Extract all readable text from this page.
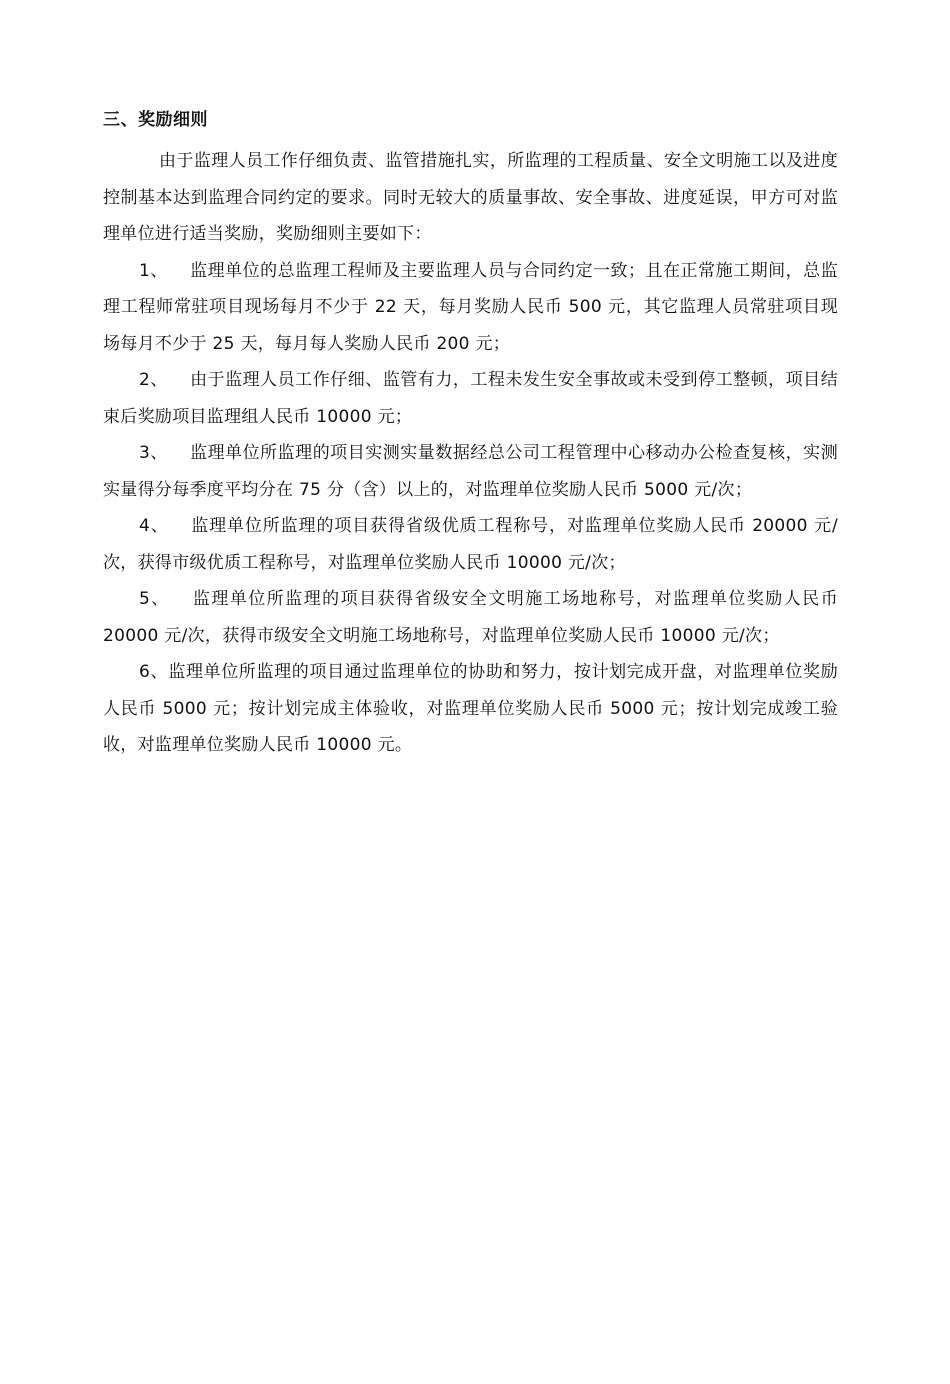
三、奖励细则

由于监理人员工作仔细负责、监管措施扎实，所监理的工程质量、安全文明施工以及进度控制基本达到监理合同约定的要求。同时无较大的质量事故、安全事故、进度延误，甲方可对监理单位进行适当奖励，奖励细则主要如下：

1、 监理单位的总监理工程师及主要监理人员与合同约定一致；且在正常施工期间，总监理工程师常驻项目现场每月不少于 22 天，每月奖励人民币 500 元，其它监理人员常驻项目现场每月不少于 25 天，每月每人奖励人民币 200 元；

2、 由于监理人员工作仔细、监管有力，工程未发生安全事故或未受到停工整顿，项目结束后奖励项目监理组人民币 10000 元；

3、 监理单位所监理的项目实测实量数据经总公司工程管理中心移动办公检查复核，实测实量得分每季度平均分在 75 分（含）以上的，对监理单位奖励人民币 5000 元/次；

4、 监理单位所监理的项目获得省级优质工程称号，对监理单位奖励人民币 20000 元/次，获得市级优质工程称号，对监理单位奖励人民币 10000 元/次；

5、 监理单位所监理的项目获得省级安全文明施工场地称号，对监理单位奖励人民币 20000 元/次，获得市级安全文明施工场地称号，对监理单位奖励人民币 10000 元/次；

6、监理单位所监理的项目通过监理单位的协助和努力，按计划完成开盘，对监理单位奖励人民币 5000 元；按计划完成主体验收，对监理单位奖励人民币 5000 元；按计划完成竣工验收，对监理单位奖励人民币 10000 元。
